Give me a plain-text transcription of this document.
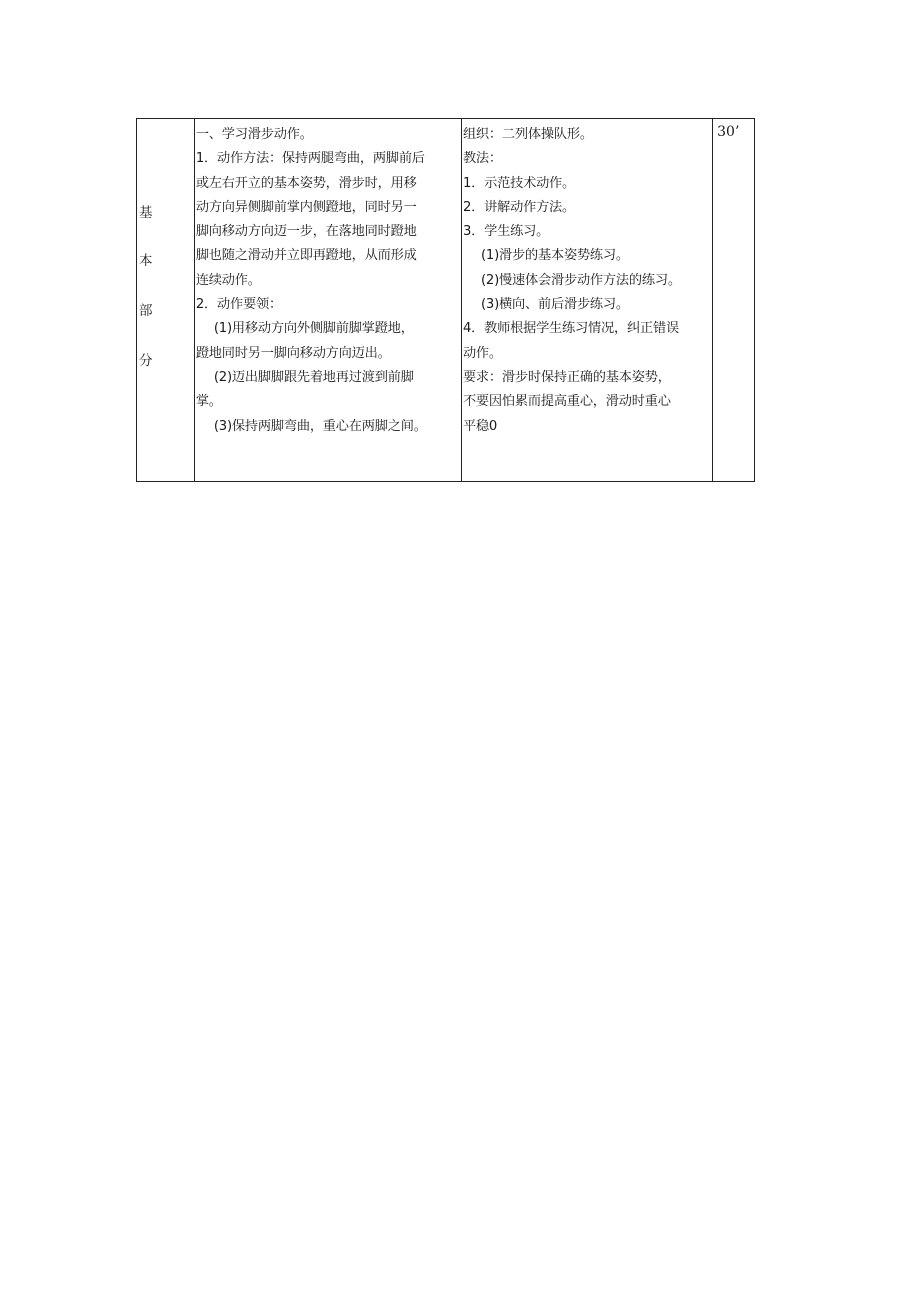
基
本
部
分
一、学习滑步动作。
1．动作方法：保持两腿弯曲，两脚前后
或左右开立的基本姿势，滑步时，用移
动方向异侧脚前掌内侧蹬地，同时另一
脚向移动方向迈一步，在落地同时蹬地
脚也随之滑动并立即再蹬地，从而形成
连续动作。
2．动作要领：
(1)用移动方向外侧脚前脚掌蹬地，
蹬地同时另一脚向移动方向迈出。
(2)迈出脚脚跟先着地再过渡到前脚
掌。
(3)保持两脚弯曲，重心在两脚之间。
组织：二列体操队形。
教法：
1．示范技术动作。
2．讲解动作方法。
3．学生练习。
(1)滑步的基本姿势练习。
(2)慢速体会滑步动作方法的练习。
(3)横向、前后滑步练习。
4．教师根据学生练习情况，纠正错误
动作。
要求：滑步时保持正确的基本姿势，
不要因怕累而提高重心，滑动时重心
平稳0
30’
